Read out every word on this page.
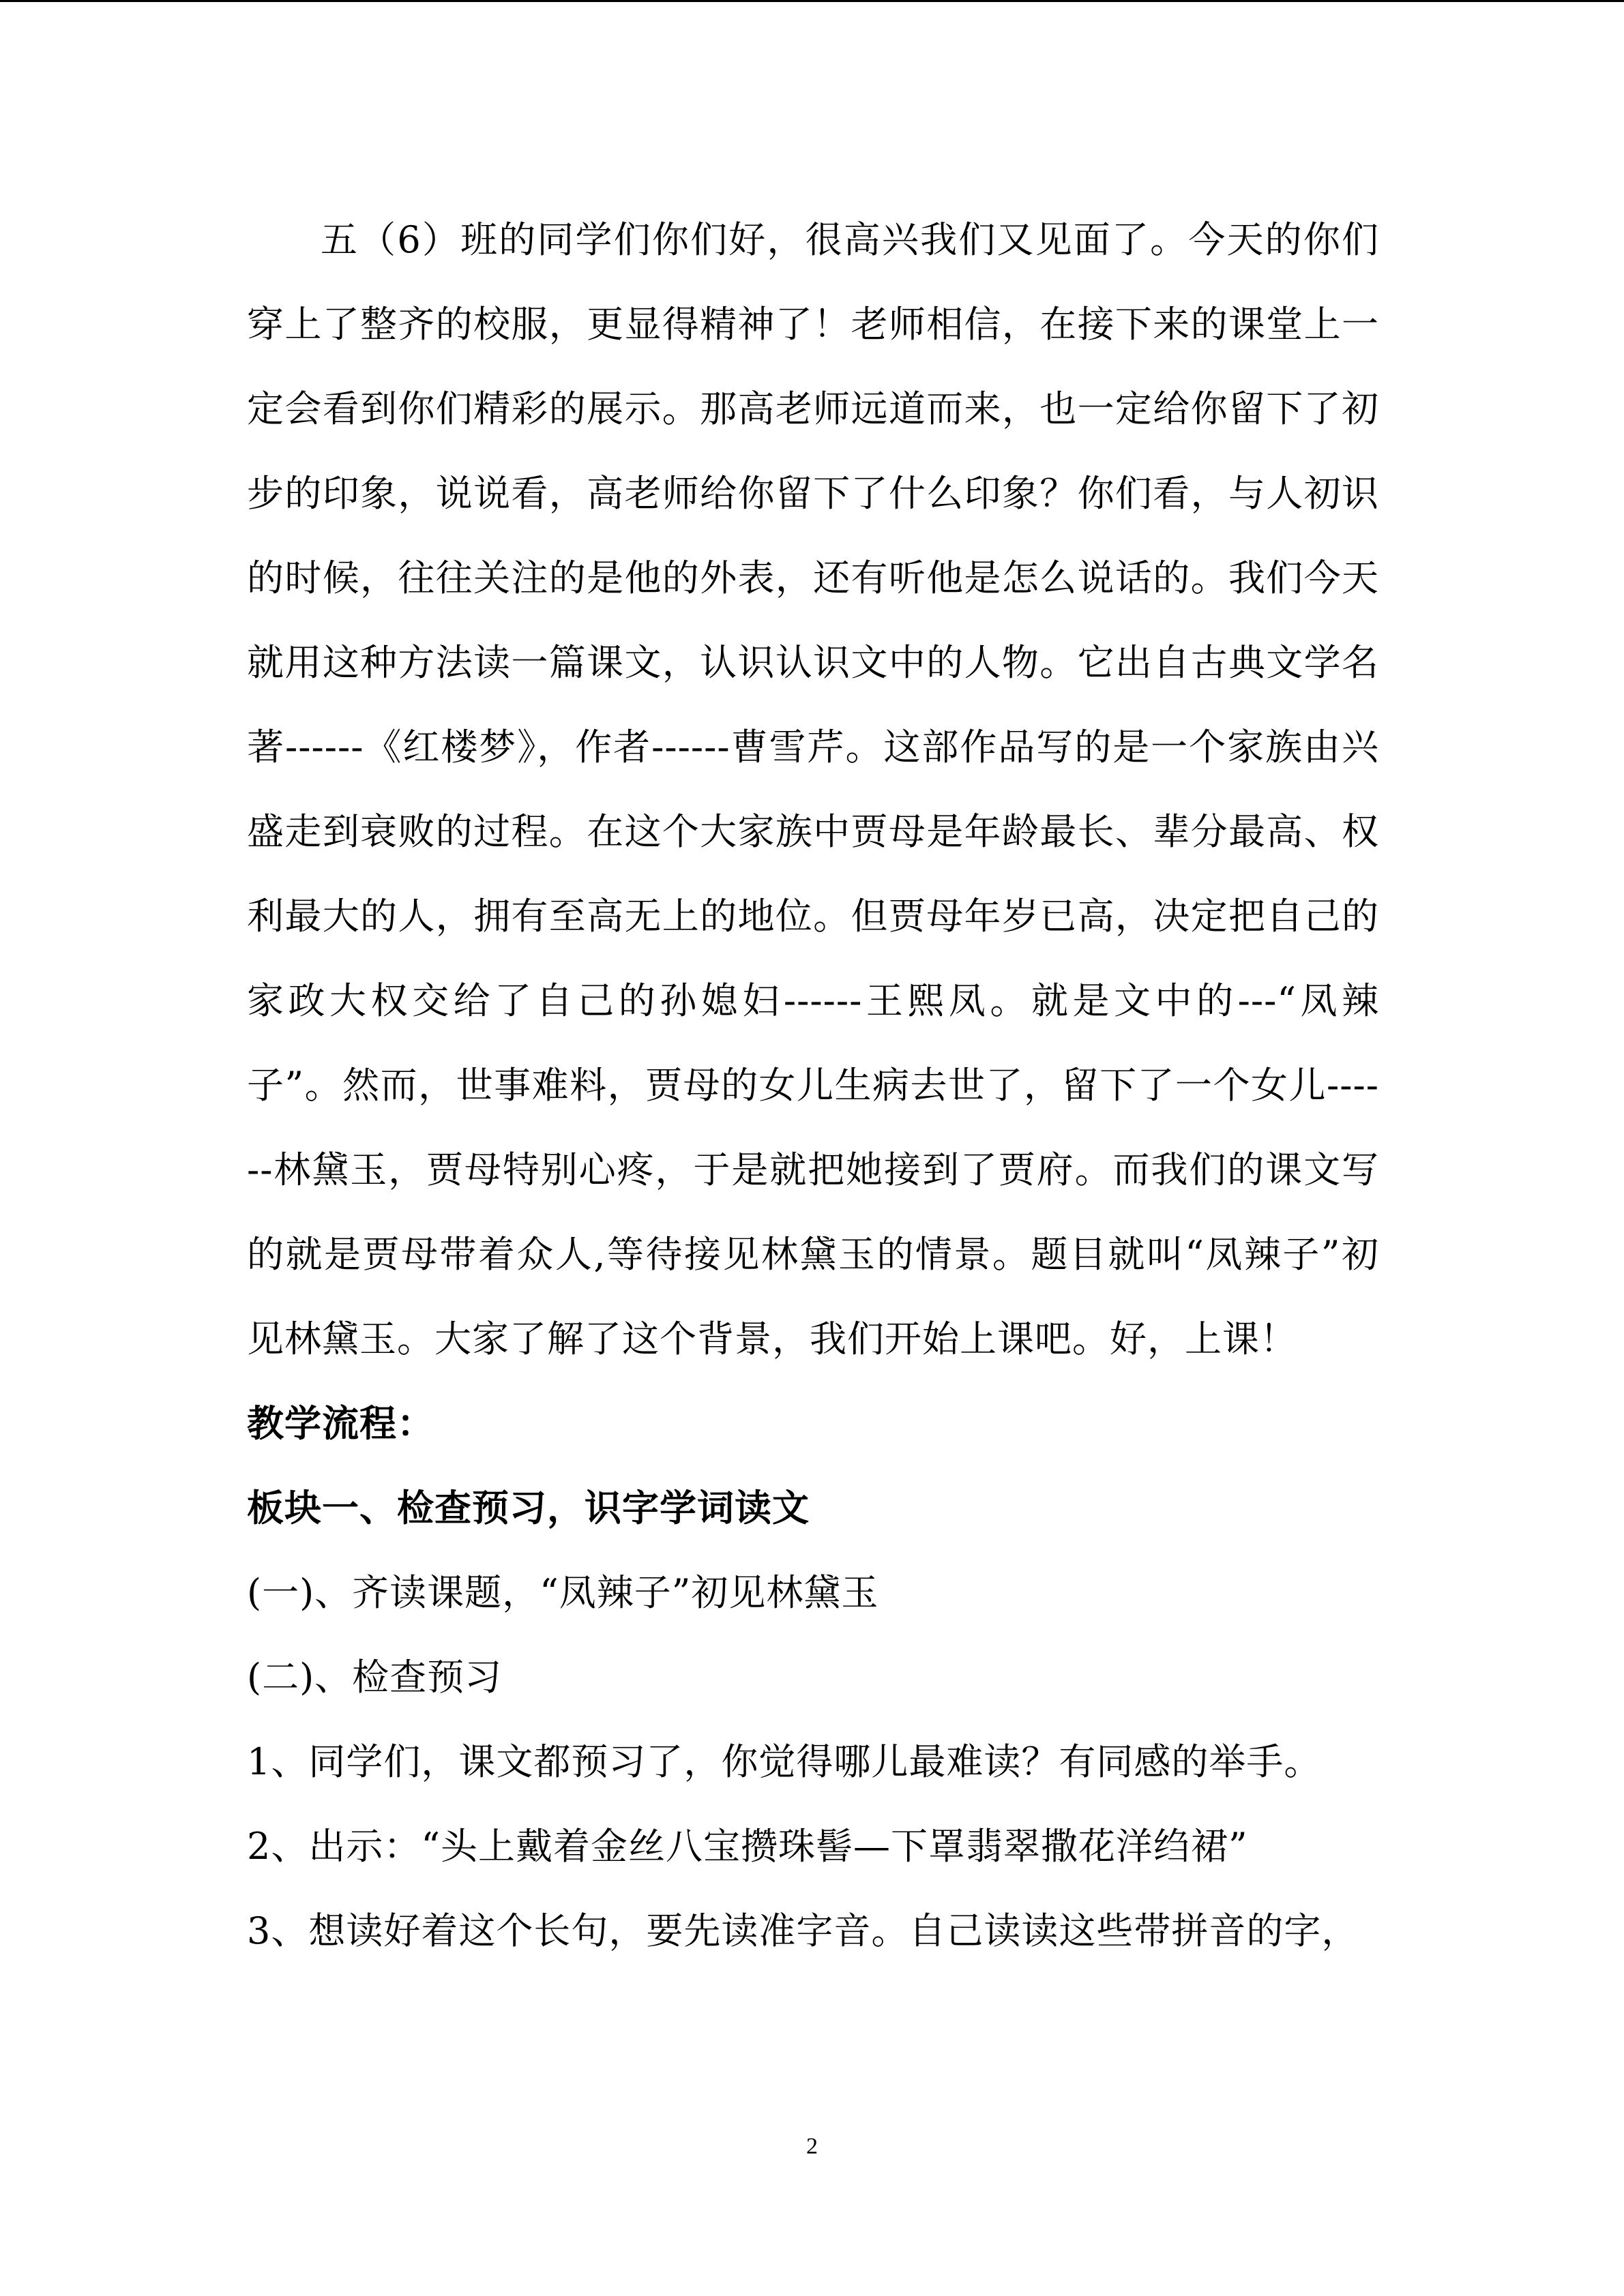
五（6）班的同学们你们好，很高兴我们又见面了。今天的你们穿上了整齐的校服，更显得精神了！老师相信，在接下来的课堂上一定会看到你们精彩的展示。那高老师远道而来，也一定给你留下了初步的印象，说说看，高老师给你留下了什么印象？你们看，与人初识的时候，往往关注的是他的外表，还有听他是怎么说话的。我们今天就用这种方法读一篇课文，认识认识文中的人物。它出自古典文学名著------《红楼梦》，作者------曹雪芹。这部作品写的是一个家族由兴盛走到衰败的过程。在这个大家族中贾母是年龄最长、辈分最高、权利最大的人，拥有至高无上的地位。但贾母年岁已高，决定把自己的家政大权交给了自己的孙媳妇------王熙凤。就是文中的---“凤辣子”。然而，世事难料，贾母的女儿生病去世了，留下了一个女儿------林黛玉，贾母特别心疼，于是就把她接到了贾府。而我们的课文写的就是贾母带着众人,等待接见林黛玉的情景。题目就叫“凤辣子”初见林黛玉。大家了解了这个背景，我们开始上课吧。好，上课！

教学流程：

板块一、检查预习，识字学词读文

(一)、齐读课题，“凤辣子”初见林黛玉

(二)、检查预习

1、同学们，课文都预习了，你觉得哪儿最难读？有同感的举手。

2、出示：“头上戴着金丝八宝攒珠髻—下罩翡翠撒花洋绉裙”

3、想读好着这个长句，要先读准字音。自己读读这些带拼音的字，

2
